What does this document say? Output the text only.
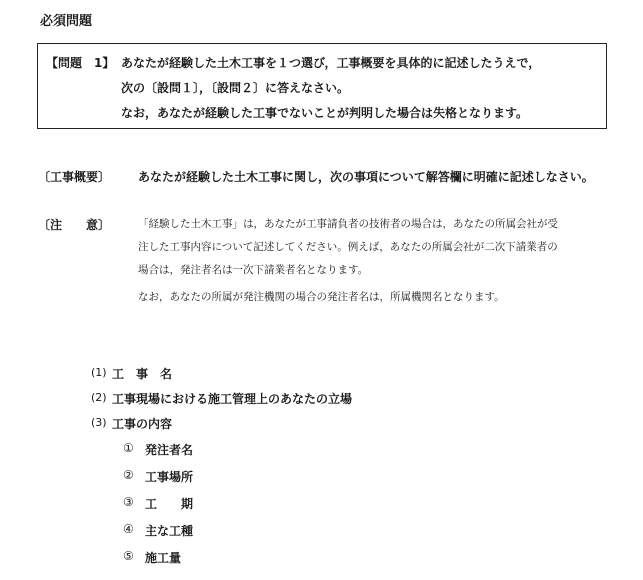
必須問題
【問題　1】 あなたが経験した土木工事を１つ選び，工事概要を具体的に記述したうえで，
次の〔設問１〕，〔設問２〕に答えなさい。
なお，あなたが経験した工事でないことが判明した場合は失格となります。
〔工事概要〕 あなたが経験した土木工事に関し，次の事項について解答欄に明確に記述しなさい。
〔注　　意〕	「経験した土木工事」は，あなたが工事請負者の技術者の場合は，あなたの所属会社が受
注した工事内容について記述してください。例えば，あなたの所属会社が二次下請業者の
場合は，発注者名は一次下請業者名となります。
なお，あなたの所属が発注機関の場合の発注者名は，所属機関名となります。
(1) 工　事　名
(2) 工事現場における施工管理上のあなたの立場
(3) 工事の内容
① 発注者名
② 工事場所
③ 工　　期
④ 主な工種
⑤ 施工量
